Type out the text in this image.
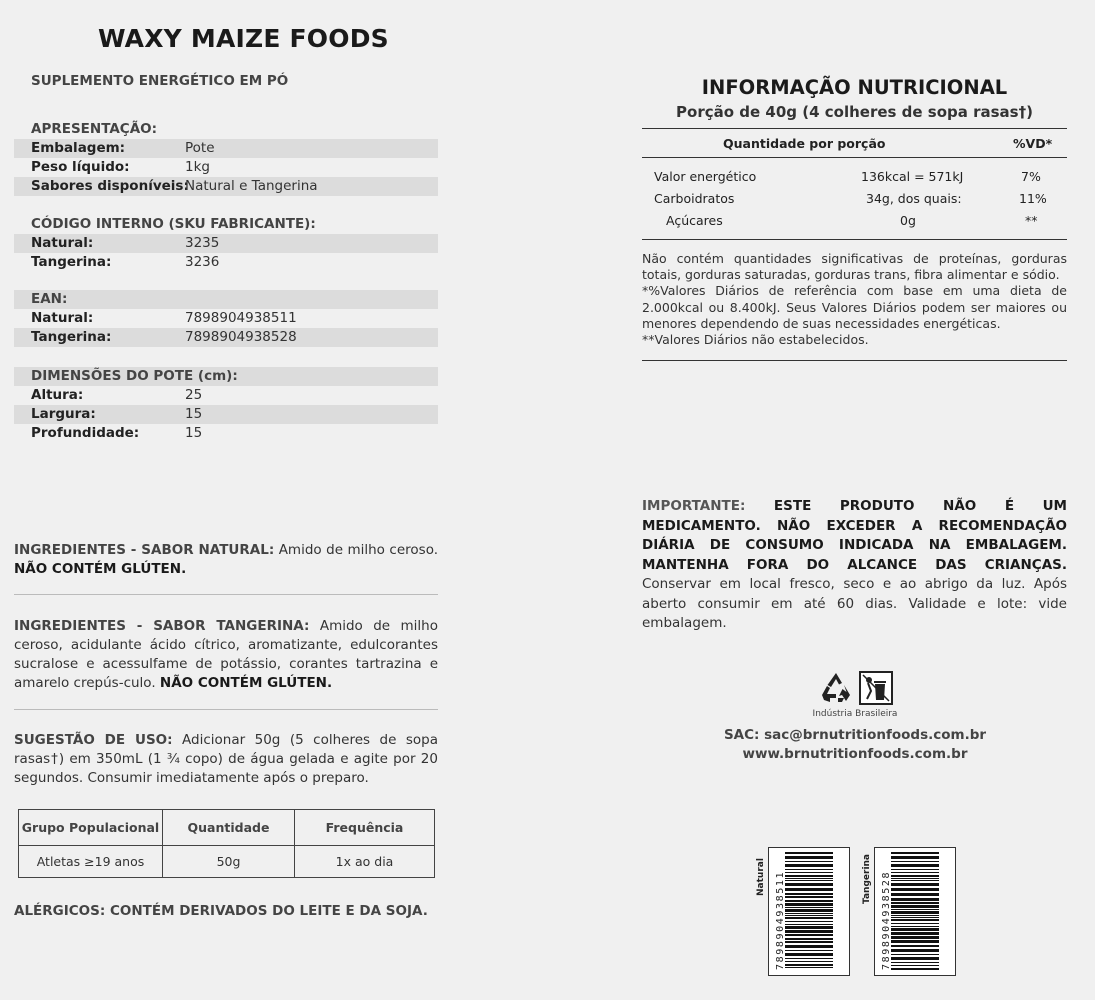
WAXY MAIZE FOODS
SUPLEMENTO ENERGÉTICO EM PÓ
APRESENTAÇÃO:
Embalagem:	Pote
Peso líquido:	1kg
Sabores disponíveis:
Natural e Tangerina
CÓDIGO INTERNO (SKU FABRICANTE):
Natural:	3235
Tangerina:	3236
EAN:
Natural:	7898904938511
Tangerina:	7898904938528
DIMENSÕES DO POTE (cm):
Altura:	25
Largura:	15
Profundidade:	15
INGREDIENTES - SABOR NATURAL: Amido de milho ceroso. NÃO CONTÉM GLÚTEN.
INGREDIENTES - SABOR TANGERINA: Amido de milho ceroso, acidulante ácido cítrico, aromatizante, edulcorantes sucralose e acessulfame de potássio, corantes tartrazina e amarelo crepús-culo. NÃO CONTÉM GLÚTEN.
SUGESTÃO DE USO: Adicionar 50g (5 colheres de sopa rasas†) em 350mL (1 ¾ copo) de água gelada e agite por 20 segundos. Consumir imediatamente após o preparo.
Grupo Populacional	Quantidade	Frequência
Atletas ≥19 anos	50g	1x ao dia
ALÉRGICOS: CONTÉM DERIVADOS DO LEITE E DA SOJA.
INFORMAÇÃO NUTRICIONAL
Porção de 40g (4 colheres de sopa rasas†)
Quantidade por porção	%VD*
Valor energético	136kcal = 571kJ	7%
Carboidratos	34g, dos quais:	11%
Açúcares	0g	**
Não contém quantidades significativas de proteínas, gorduras totais, gorduras saturadas, gorduras trans, fibra alimentar e sódio.
*%Valores Diários de referência com base em uma dieta de 2.000kcal ou 8.400kJ. Seus Valores Diários podem ser maiores ou menores dependendo de suas necessidades energéticas.
**Valores Diários não estabelecidos.
IMPORTANTE: ESTE PRODUTO NÃO É UM MEDICAMENTO. NÃO EXCEDER A RECOMENDAÇÃO DIÁRIA DE CONSUMO INDICADA NA EMBALAGEM. MANTENHA FORA DO ALCANCE DAS CRIANÇAS. Conservar em local fresco, seco e ao abrigo da luz. Após aberto consumir em até 60 dias. Validade e lote: vide embalagem.
Indústria Brasileira
SAC: sac@brnutritionfoods.com.br
www.brnutritionfoods.com.br
Natural 7898904938511	Tangerina 7898904938528
